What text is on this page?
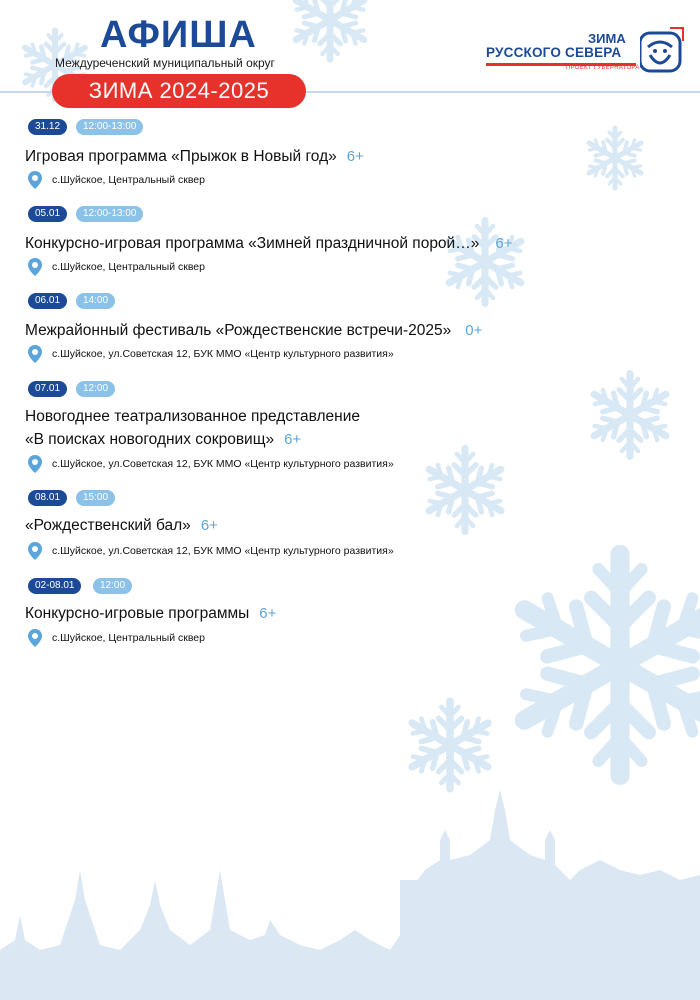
АФИША
Междуреченский муниципальный округ
ЗИМА 2024-2025
ЗИМА
РУССКОГО СЕВЕРА
ПРОЕКТ ГУБЕРНАТОРА
31.12	12:00-13:00
Игровая программа «Прыжок в Новый год» 6+
с.Шуйское, Центральный сквер
05.01	12:00-13:00
Конкурсно-игровая программа «Зимней праздничной порой…» 6+
с.Шуйское, Центральный сквер
06.01	14:00
Межрайонный фестиваль «Рождественские встречи-2025» 0+
с.Шуйское, ул.Советская 12, БУК ММО «Центр культурного развития»
07.01	12:00
Новогоднее театрализованное представление
«В поисках новогодних сокровищ» 6+
с.Шуйское, ул.Советская 12, БУК ММО «Центр культурного развития»
08.01	15:00
«Рождественский бал» 6+
с.Шуйское, ул.Советская 12, БУК ММО «Центр культурного развития»
02-08.01	12:00
Конкурсно-игровые программы 6+
с.Шуйское, Центральный сквер
